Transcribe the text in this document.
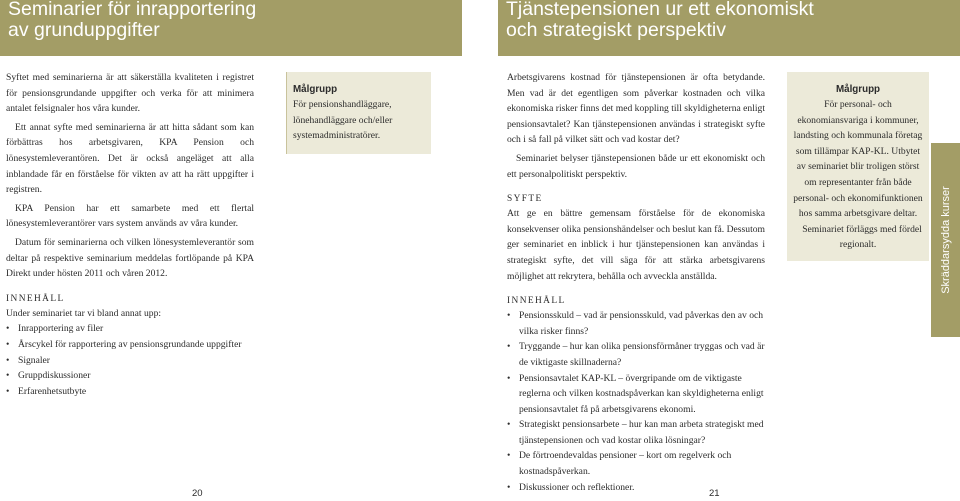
Seminarier för inrapportering
av grunduppgifter

Syftet med seminarierna är att säkerställa kvaliteten i registret för pensionsgrundande uppgifter och verka för att minimera antalet felsignaler hos våra kunder.

Ett annat syfte med seminarierna är att hitta sådant som kan förbättras hos arbetsgivaren, KPA Pension och lönesystemleverantören. Det är också angeläget att alla inblandade får en förståelse för vikten av att ha rätt uppgifter i registren.

KPA Pension har ett samarbete med ett flertal lönesystemleverantörer vars system används av våra kunder.

Datum för seminarierna och vilken lönesystemleverantör som deltar på respektive seminarium meddelas fortlöpande på KPA Direkt under hösten 2011 och våren 2012.

INNEHÅLL
Under seminariet tar vi bland annat upp:
• Inrapportering av filer
• Årscykel för rapportering av pensionsgrundande uppgifter
• Signaler
• Gruppdiskussioner
• Erfarenhetsutbyte
Målgrupp
För pensionshandläggare, lönehandläggare och/eller systemadministratörer.
20
Tjänstepensionen ur ett ekonomiskt
och strategiskt perspektiv

Arbetsgivarens kostnad för tjänstepensionen är ofta betydande. Men vad är det egentligen som påverkar kostnaden och vilka ekonomiska risker finns det med koppling till skyldigheterna enligt pensionsavtalet? Kan tjänstepensionen användas i strategiskt syfte och i så fall på vilket sätt och vad kostar det?

Seminariet belyser tjänstepensionen både ur ett ekonomiskt och ett personalpolitiskt perspektiv.

SYFTE

Att ge en bättre gemensam förståelse för de ekonomiska konsekvenser olika pensionshändelser och beslut kan få. Dessutom ger seminariet en inblick i hur tjänstepensionen kan användas i strategiskt syfte, det vill säga för att stärka arbetsgivarens möjlighet att rekrytera, behålla och avveckla anställda.

INNEHÅLL
• Pensionsskuld – vad är pensionsskuld, vad påverkas den av och vilka risker finns?
• Tryggande – hur kan olika pensionsförmåner tryggas och vad är de viktigaste skillnaderna?
• Pensionsavtalet KAP-KL – övergripande om de viktigaste reglerna och vilken kostnadspåverkan kan skyldigheterna enligt pensionsavtalet få på arbetsgivarens ekonomi.
• Strategiskt pensionsarbete – hur kan man arbeta strategiskt med tjänstepensionen och vad kostar olika lösningar?
• De förtroendevaldas pensioner – kort om regelverk och kostnadspåverkan.
• Diskussioner och reflektioner.
Målgrupp
För personal- och ekonomiansvariga i kommuner, landsting och kommunala företag som tillämpar KAP-KL. Utbytet av seminariet blir troligen störst om representanter från både personal- och ekonomifunktionen hos samma arbetsgivare deltar.
Seminariet förläggs med fördel regionalt.	Skräddarsydda kurser
21
